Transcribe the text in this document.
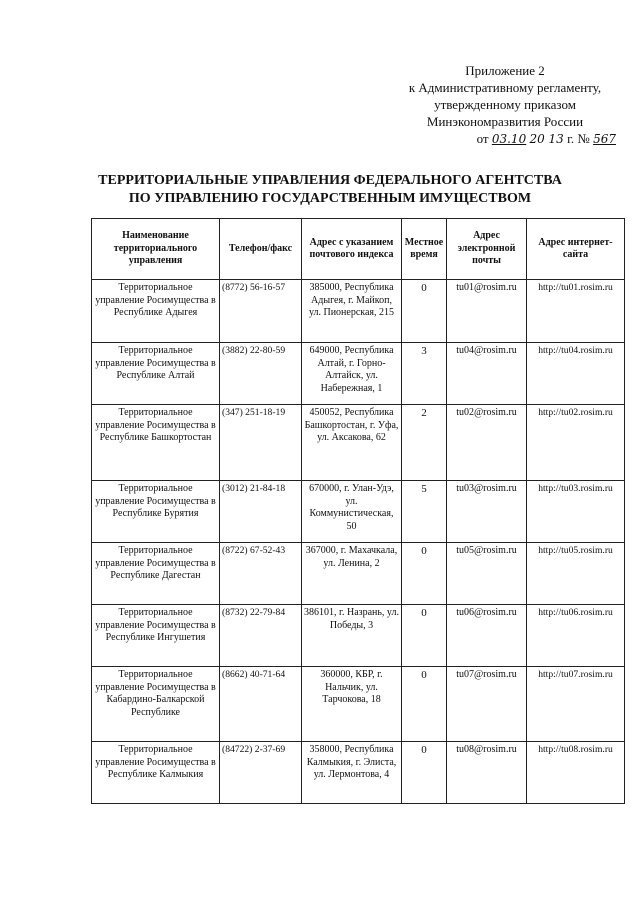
Приложение 2
к Административному регламенту,
утвержденному приказом
Минэкономразвития России
от 03.10 20 13 г. № 567
ТЕРРИТОРИАЛЬНЫЕ УПРАВЛЕНИЯ ФЕДЕРАЛЬНОГО АГЕНТСТВА
ПО УПРАВЛЕНИЮ ГОСУДАРСТВЕННЫМ ИМУЩЕСТВОМ
Наименование территориального управления	Телефон/факс	Адрес с указанием почтового индекса	Местное время	Адрес электронной почты	Адрес интернет-сайта
Территориальное управление Росимущества в Республике Адыгея	(8772) 56-16-57	385000, Республика Адыгея, г. Майкоп, ул. Пионерская, 215	0	tu01@rosim.ru	http://tu01.rosim.ru
Территориальное управление Росимущества в Республике Алтай	(3882) 22-80-59	649000, Республика Алтай, г. Горно-Алтайск, ул. Набережная, 1	3	tu04@rosim.ru	http://tu04.rosim.ru
Территориальное управление Росимущества в Республике Башкортостан	(347) 251-18-19	450052, Республика Башкортостан, г. Уфа, ул. Аксакова, 62	2	tu02@rosim.ru	http://tu02.rosim.ru
Территориальное управление Росимущества в Республике Бурятия	(3012) 21-84-18	670000, г. Улан-Удэ, ул. Коммунистическая, 50	5	tu03@rosim.ru	http://tu03.rosim.ru
Территориальное управление Росимущества в Республике Дагестан	(8722) 67-52-43	367000, г. Махачкала, ул. Ленина, 2	0	tu05@rosim.ru	http://tu05.rosim.ru
Территориальное управление Росимущества в Республике Ингушетия	(8732) 22-79-84	386101, г. Назрань, ул. Победы, 3	0	tu06@rosim.ru	http://tu06.rosim.ru
Территориальное управление Росимущества в Кабардино-Балкарской Республике	(8662) 40-71-64	360000, КБР, г. Нальчик, ул. Тарчокова, 18	0	tu07@rosim.ru	http://tu07.rosim.ru
Территориальное управление Росимущества в Республике Калмыкия	(84722) 2-37-69	358000, Республика Калмыкия, г. Элиста, ул. Лермонтова, 4	0	tu08@rosim.ru	http://tu08.rosim.ru
